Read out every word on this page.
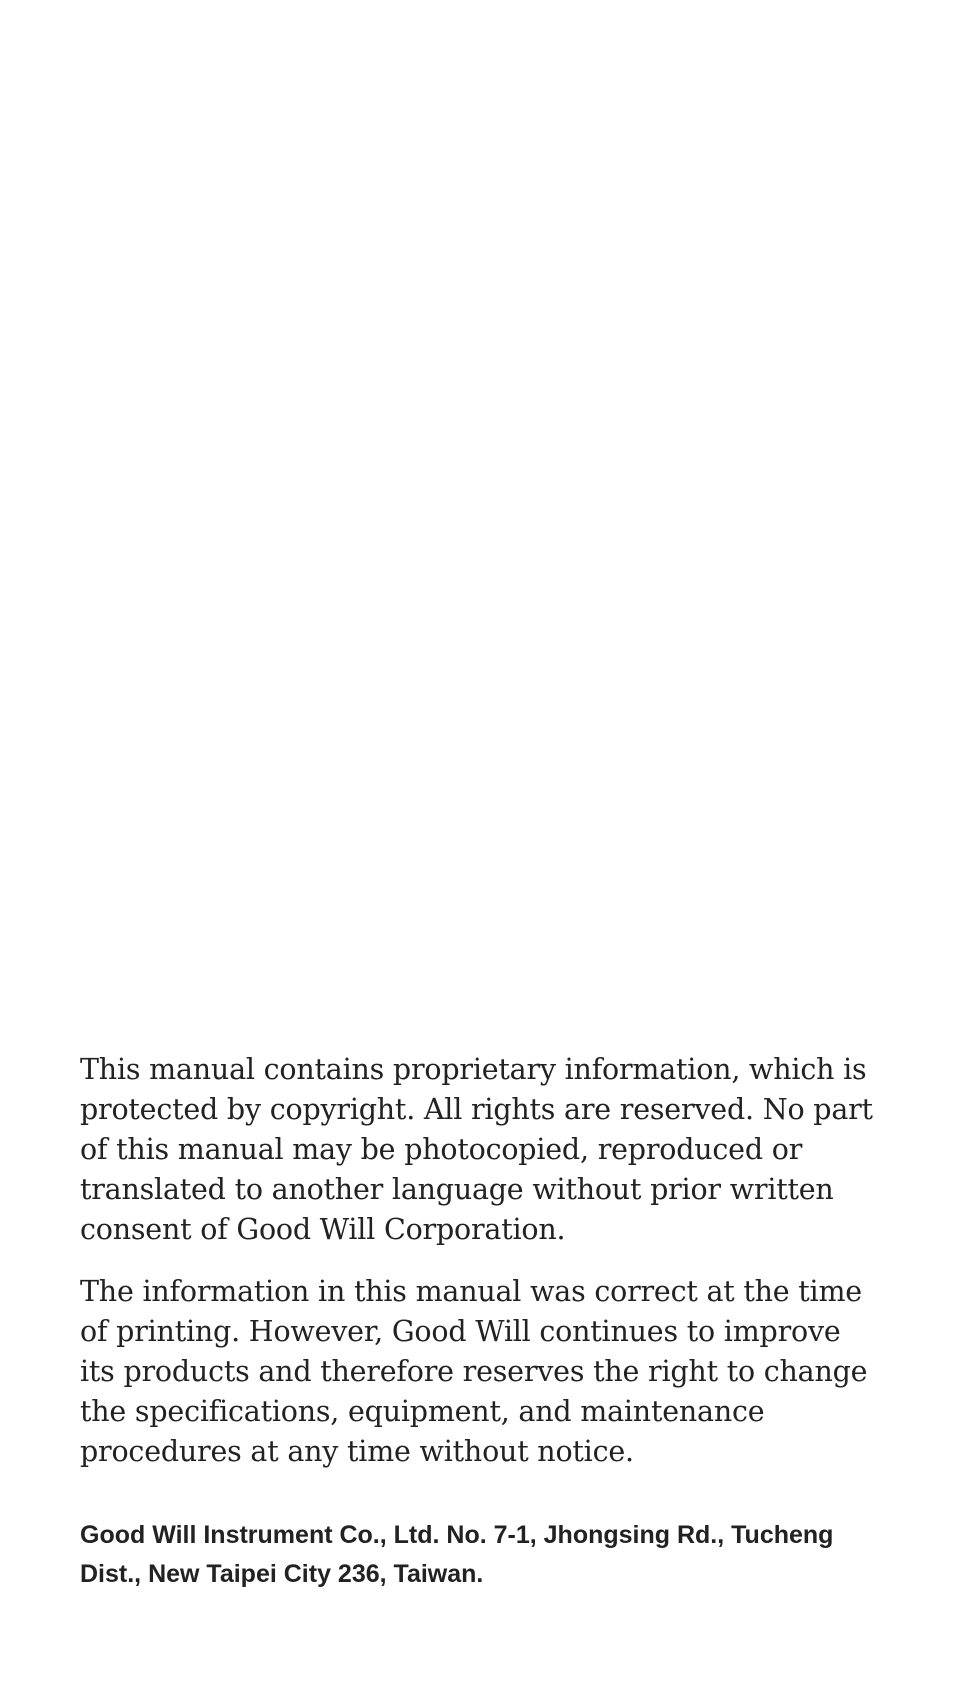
This manual contains proprietary information, which is protected by copyright. All rights are reserved. No part of this manual may be photocopied, reproduced or translated to another language without prior written consent of Good Will Corporation.

The information in this manual was correct at the time of printing. However, Good Will continues to improve its products and therefore reserves the right to change the specifications, equipment, and maintenance procedures at any time without notice.

Good Will Instrument Co., Ltd. No. 7-1, Jhongsing Rd., Tucheng Dist., New Taipei City 236, Taiwan.
